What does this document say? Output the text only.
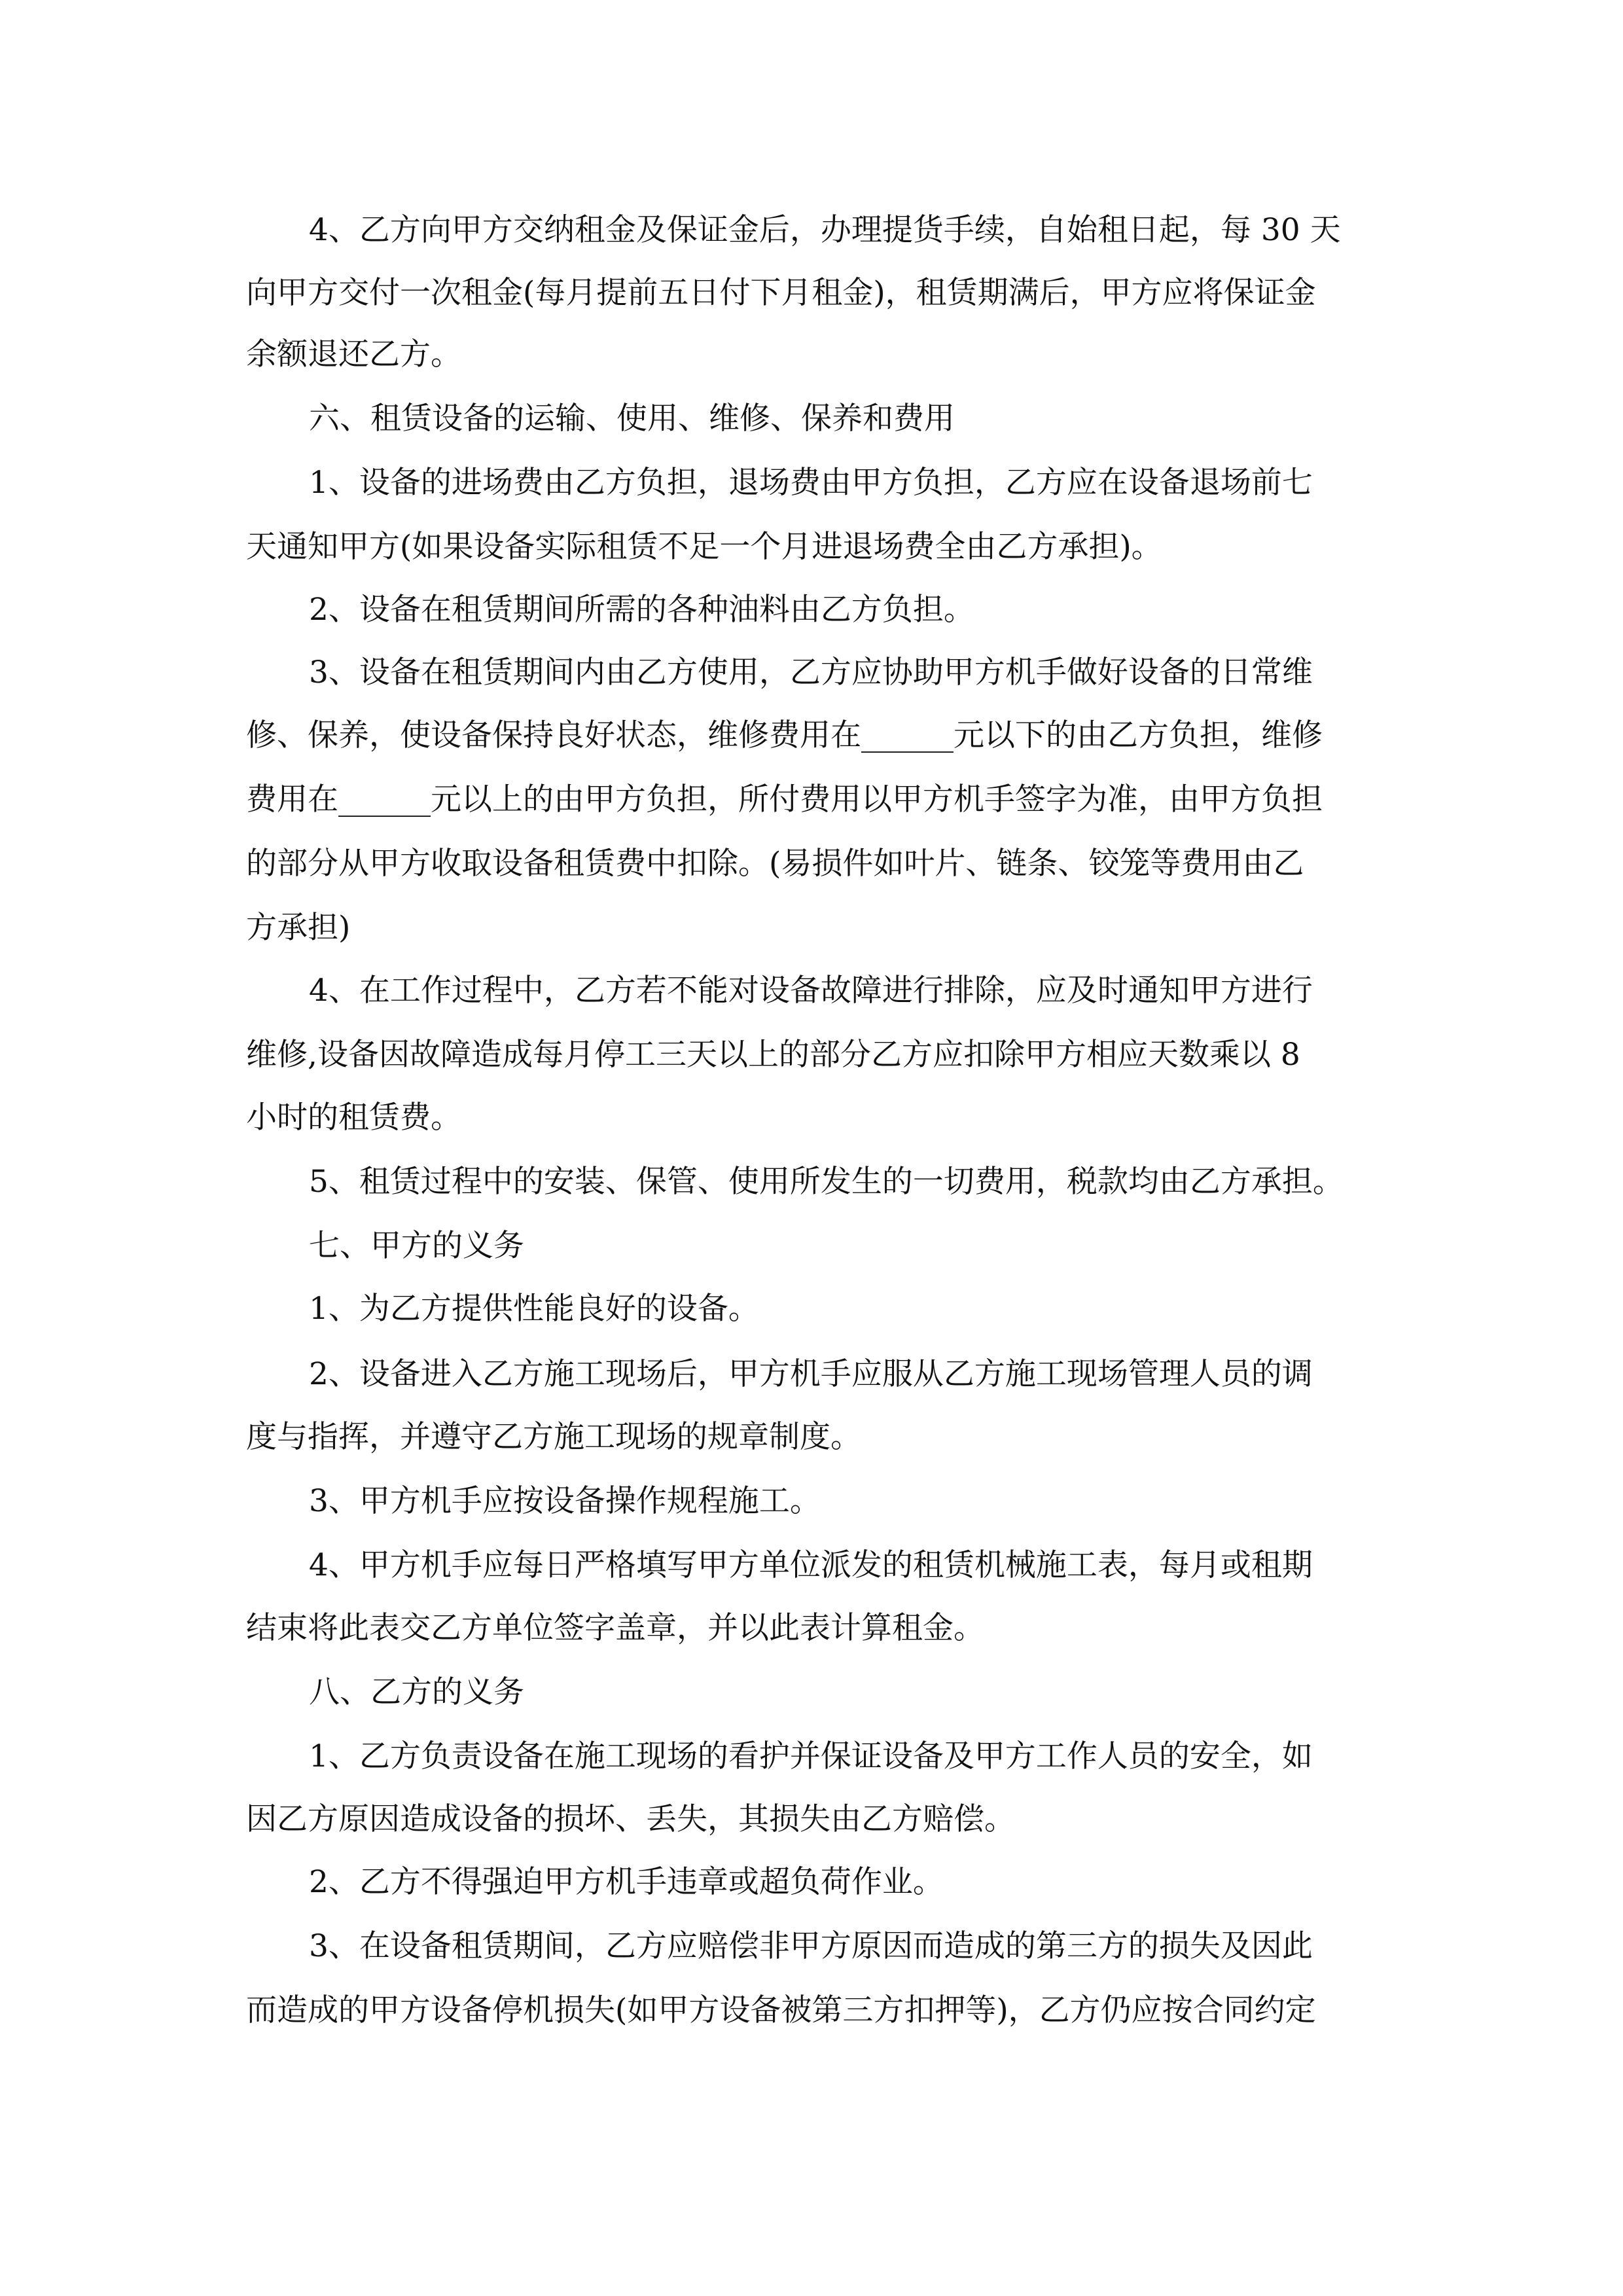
4、乙方向甲方交纳租金及保证金后，办理提货手续，自始租日起，每 30 天
向甲方交付一次租金(每月提前五日付下月租金)，租赁期满后，甲方应将保证金
余额退还乙方。
六、租赁设备的运输、使用、维修、保养和费用
1、设备的进场费由乙方负担，退场费由甲方负担，乙方应在设备退场前七
天通知甲方(如果设备实际租赁不足一个月进退场费全由乙方承担)。
2、设备在租赁期间所需的各种油料由乙方负担。
3、设备在租赁期间内由乙方使用，乙方应协助甲方机手做好设备的日常维
修、保养，使设备保持良好状态，维修费用在______元以下的由乙方负担，维修
费用在______元以上的由甲方负担，所付费用以甲方机手签字为准，由甲方负担
的部分从甲方收取设备租赁费中扣除。(易损件如叶片、链条、铰笼等费用由乙
方承担)
4、在工作过程中，乙方若不能对设备故障进行排除，应及时通知甲方进行
维修,设备因故障造成每月停工三天以上的部分乙方应扣除甲方相应天数乘以 8
小时的租赁费。
5、租赁过程中的安装、保管、使用所发生的一切费用，税款均由乙方承担。
七、甲方的义务
1、为乙方提供性能良好的设备。
2、设备进入乙方施工现场后，甲方机手应服从乙方施工现场管理人员的调
度与指挥，并遵守乙方施工现场的规章制度。
3、甲方机手应按设备操作规程施工。
4、甲方机手应每日严格填写甲方单位派发的租赁机械施工表，每月或租期
结束将此表交乙方单位签字盖章，并以此表计算租金。
八、乙方的义务
1、乙方负责设备在施工现场的看护并保证设备及甲方工作人员的安全，如
因乙方原因造成设备的损坏、丢失，其损失由乙方赔偿。
2、乙方不得强迫甲方机手违章或超负荷作业。
3、在设备租赁期间，乙方应赔偿非甲方原因而造成的第三方的损失及因此
而造成的甲方设备停机损失(如甲方设备被第三方扣押等)，乙方仍应按合同约定
